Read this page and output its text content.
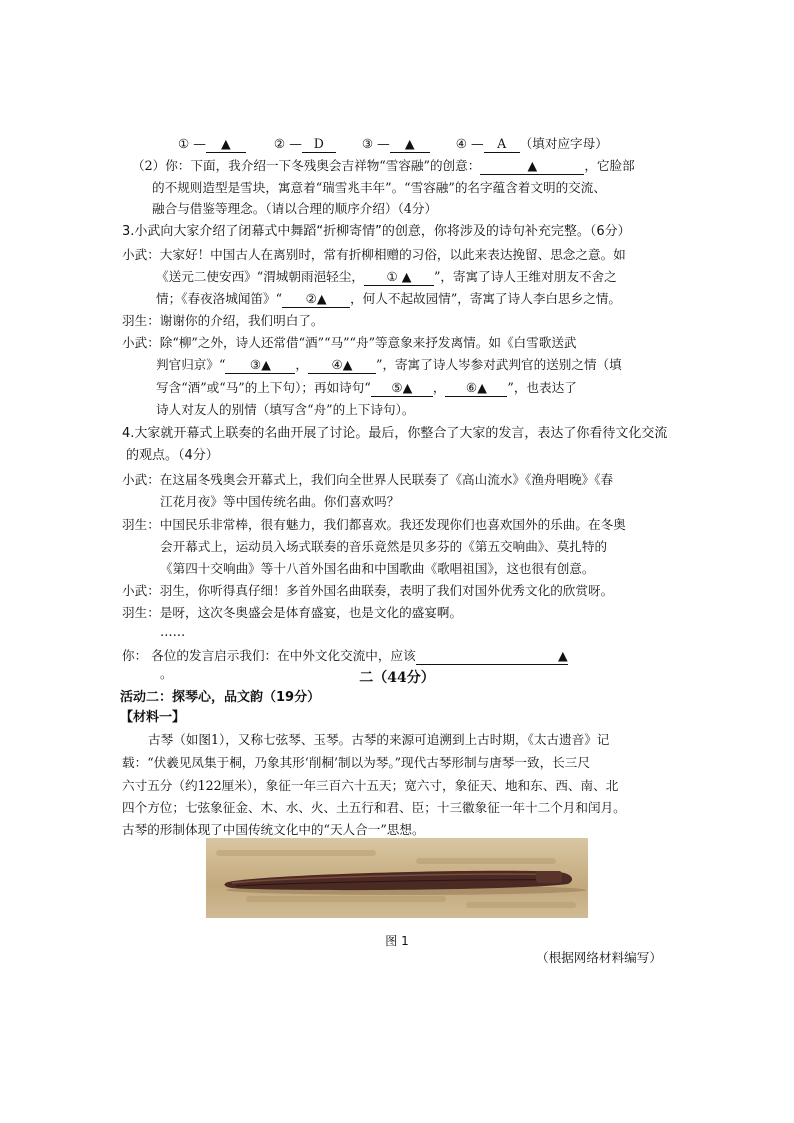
① — ▲	② — D	③ — ▲	④ — A （填对应字母）
（2）你：下面，我介绍一下冬残奥会吉祥物“雪容融”的创意：	▲	，它脸部
的不规则造型是雪块，寓意着“瑞雪兆丰年”。“雪容融”的名字蕴含着文明的交流、
融合与借鉴等理念。（请以合理的顺序介绍）（4分）
3.小武向大家介绍了闭幕式中舞蹈“折柳寄情”的创意，你将涉及的诗句补充完整。（6分）
小武：大家好！中国古人在离别时，常有折柳相赠的习俗，以此来表达挽留、思念之意。如
《送元二使安西》“渭城朝雨浥轻尘， ① ▲ ”，寄寓了诗人王维对朋友不舍之
情；《春夜洛城闻笛》“ ②▲ ，何人不起故园情”，寄寓了诗人李白思乡之情。
羽生：谢谢你的介绍，我们明白了。
小武：除“柳”之外，诗人还常借“酒”“马”“舟”等意象来抒发离情。如《白雪歌送武
判官归京》“ ③▲ ， ④▲ ”，寄寓了诗人岑参对武判官的送别之情（填
写含“酒”或“马”的上下句）；再如诗句“ ⑤▲ ， ⑥▲ ”，也表达了
诗人对友人的别情（填写含“舟”的上下诗句）。
4.大家就开幕式上联奏的名曲开展了讨论。最后，你整合了大家的发言，表达了你看待文化交流
的观点。（4分）
小武：在这届冬残奥会开幕式上，我们向全世界人民联奏了《高山流水》《渔舟唱晚》《春
江花月夜》等中国传统名曲。你们喜欢吗？
羽生：中国民乐非常棒，很有魅力，我们都喜欢。我还发现你们也喜欢国外的乐曲。在冬奥
会开幕式上，运动员入场式联奏的音乐竟然是贝多芬的《第五交响曲》、莫扎特的
《第四十交响曲》等十八首外国名曲和中国歌曲《歌唱祖国》，这也很有创意。
小武：羽生，你听得真仔细！多首外国名曲联奏，表明了我们对国外优秀文化的欣赏呀。
羽生：是呀，这次冬奥盛会是体育盛宴，也是文化的盛宴啊。
……
你： 各位的发言启示我们：在中外文化交流中，应该	▲
。	二（44分）
活动二：探琴心，品文韵（19分）
【材料一】
古琴（如图1），又称七弦琴、玉琴。古琴的来源可追溯到上古时期，《太古遗音》记
载：“伏羲见凤集于桐，乃象其形‘削桐’制以为琴。”现代古琴形制与唐琴一致，长三尺
六寸五分（约122厘米），象征一年三百六十五天；宽六寸，象征天、地和东、西、南、北
四个方位；七弦象征金、木、水、火、土五行和君、臣；十三徽象征一年十二个月和闰月。
古琴的形制体现了中国传统文化中的“天人合一”思想。
图 1
（根据网络材料编写）
